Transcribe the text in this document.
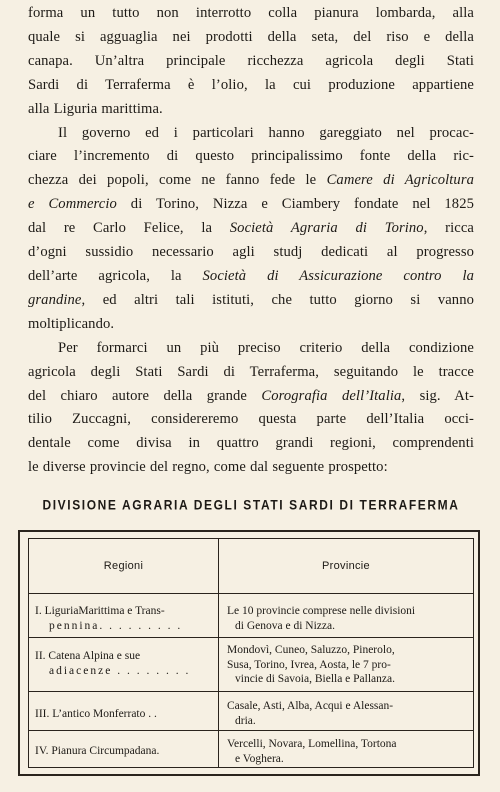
forma un tutto non interrotto colla pianura lombarda, alla
quale si agguaglia nei prodotti della seta, del riso e della
canapa. Un’altra principale ricchezza agricola degli Stati
Sardi di Terraferma è l’olio, la cui produzione appartiene
alla Liguria marittima.

Il governo ed i particolari hanno gareggiato nel procac-
ciare l’incremento di questo principalissimo fonte della ric-
chezza dei popoli, come ne fanno fede le Camere di Agricoltura
e Commercio di Torino, Nizza e Ciambery fondate nel 1825
dal re Carlo Felice, la Società Agraria di Torino, ricca
d’ogni sussidio necessario agli studj dedicati al progresso
dell’arte agricola, la Società di Assicurazione contro la
grandine, ed altri tali istituti, che tutto giorno si vanno
moltiplicando.

Per formarci un più preciso criterio della condizione
agricola degli Stati Sardi di Terraferma, seguitando le tracce
del chiaro autore della grande Corografia dell’Italia, sig. At-
tilio Zuccagni, considereremo questa parte dell’Italia occi-
dentale come divisa in quattro grandi regioni, comprendenti
le diverse provincie del regno, come dal seguente prospetto:

DIVISIONE AGRARIA DEGLI STATI SARDI DI TERRAFERMA
Regioni	Provincie
I. LiguriaMarittima e Trans-
pennina. . . . . . . . .
Le 10 provincie comprese nelle divisioni
di Genova e di Nizza.
II. Catena Alpina e sue
adiacenze . . . . . . . .
Mondovì, Cuneo, Saluzzo, Pinerolo,
Susa, Torino, Ivrea, Aosta, le 7 pro-
vincie di Savoia, Biella e Pallanza.
III. L’antico Monferrato . .
Casale, Asti, Alba, Acqui e Alessan-
dria.
IV. Pianura Circumpadana.
Vercelli, Novara, Lomellina, Tortona
e Voghera.
